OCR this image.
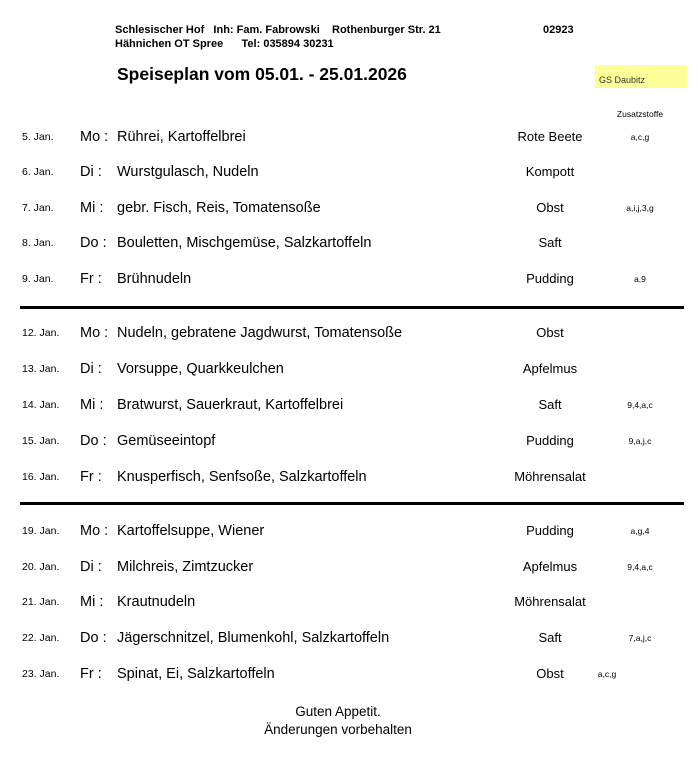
Schlesischer Hof   Inh: Fam. Fabrowski    Rothenburger Str. 21
Hähnichen OT Spree      Tel: 035894 30231
02923
Speiseplan vom 05.01. - 25.01.2026	GS Daubitz
Zusatzstoffe
5. Jan.	Mo : Rührei, Kartoffelbrei	Rote Beete	a,c,g
6. Jan.	Di : Wurstgulasch, Nudeln	Kompott
7. Jan.	Mi : gebr. Fisch, Reis, Tomatensoße	Obst	a,i,j,3,g
8. Jan.	Do : Bouletten, Mischgemüse, Salzkartoffeln	Saft
9. Jan.	Fr : Brühnudeln	Pudding	a,9
12. Jan.	Mo : Nudeln, gebratene Jagdwurst, Tomatensoße	Obst
13. Jan.	Di : Vorsuppe, Quarkkeulchen	Apfelmus
14. Jan.	Mi : Bratwurst, Sauerkraut, Kartoffelbrei	Saft	9,4,a,c
15. Jan.	Do : Gemüseeintopf	Pudding	9,a,j,c
16. Jan.	Fr : Knusperfisch, Senfsoße, Salzkartoffeln	Möhrensalat
19. Jan.	Mo : Kartoffelsuppe, Wiener	Pudding	a,g,4
20. Jan.	Di : Milchreis, Zimtzucker	Apfelmus	9,4,a,c
21. Jan.	Mi : Krautnudeln	Möhrensalat
22. Jan.	Do : Jägerschnitzel, Blumenkohl, Salzkartoffeln	Saft	7,a,j,c
23. Jan.	Fr : Spinat, Ei, Salzkartoffeln	Obst	a,c,g
Guten Appetit.
Änderungen vorbehalten
